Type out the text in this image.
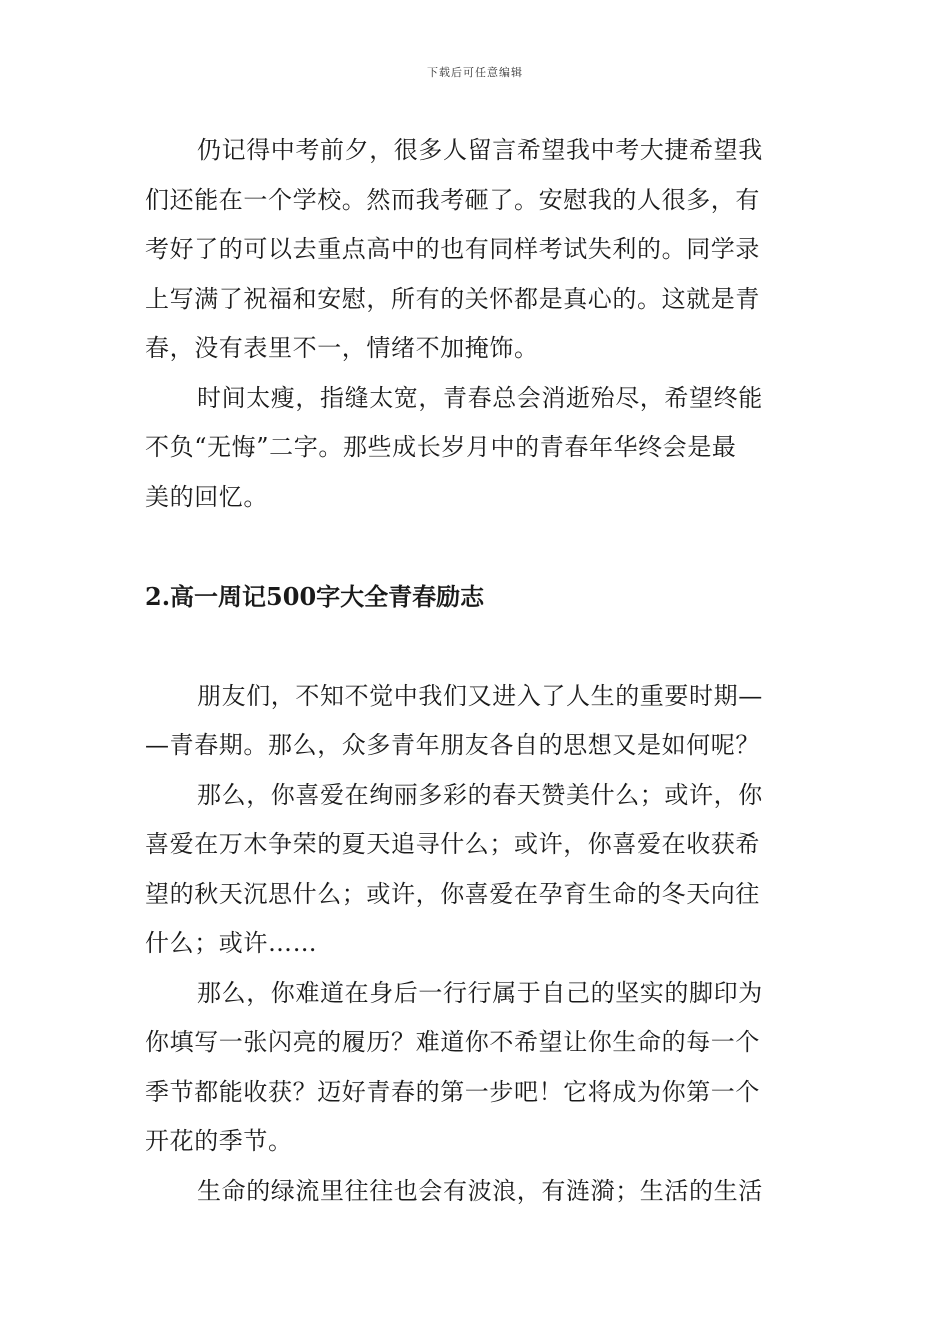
下载后可任意编辑

仍记得中考前夕，很多人留言希望我中考大捷希望我
们还能在一个学校。然而我考砸了。安慰我的人很多，有
考好了的可以去重点高中的也有同样考试失利的。同学录
上写满了祝福和安慰，所有的关怀都是真心的。这就是青
春，没有表里不一，情绪不加掩饰。

时间太瘦，指缝太宽，青春总会消逝殆尽，希望终能
不负“无悔”二字。那些成长岁月中的青春年华终会是最
美的回忆。

2.高一周记500字大全青春励志

朋友们，不知不觉中我们又进入了人生的重要时期—
—青春期。那么，众多青年朋友各自的思想又是如何呢？

那么，你喜爱在绚丽多彩的春天赞美什么；或许，你
喜爱在万木争荣的夏天追寻什么；或许，你喜爱在收获希
望的秋天沉思什么；或许，你喜爱在孕育生命的冬天向往
什么；或许……

那么，你难道在身后一行行属于自己的坚实的脚印为
你填写一张闪亮的履历？难道你不希望让你生命的每一个
季节都能收获？迈好青春的第一步吧！它将成为你第一个
开花的季节。

生命的绿流里往往也会有波浪，有涟漪；生活的生活
